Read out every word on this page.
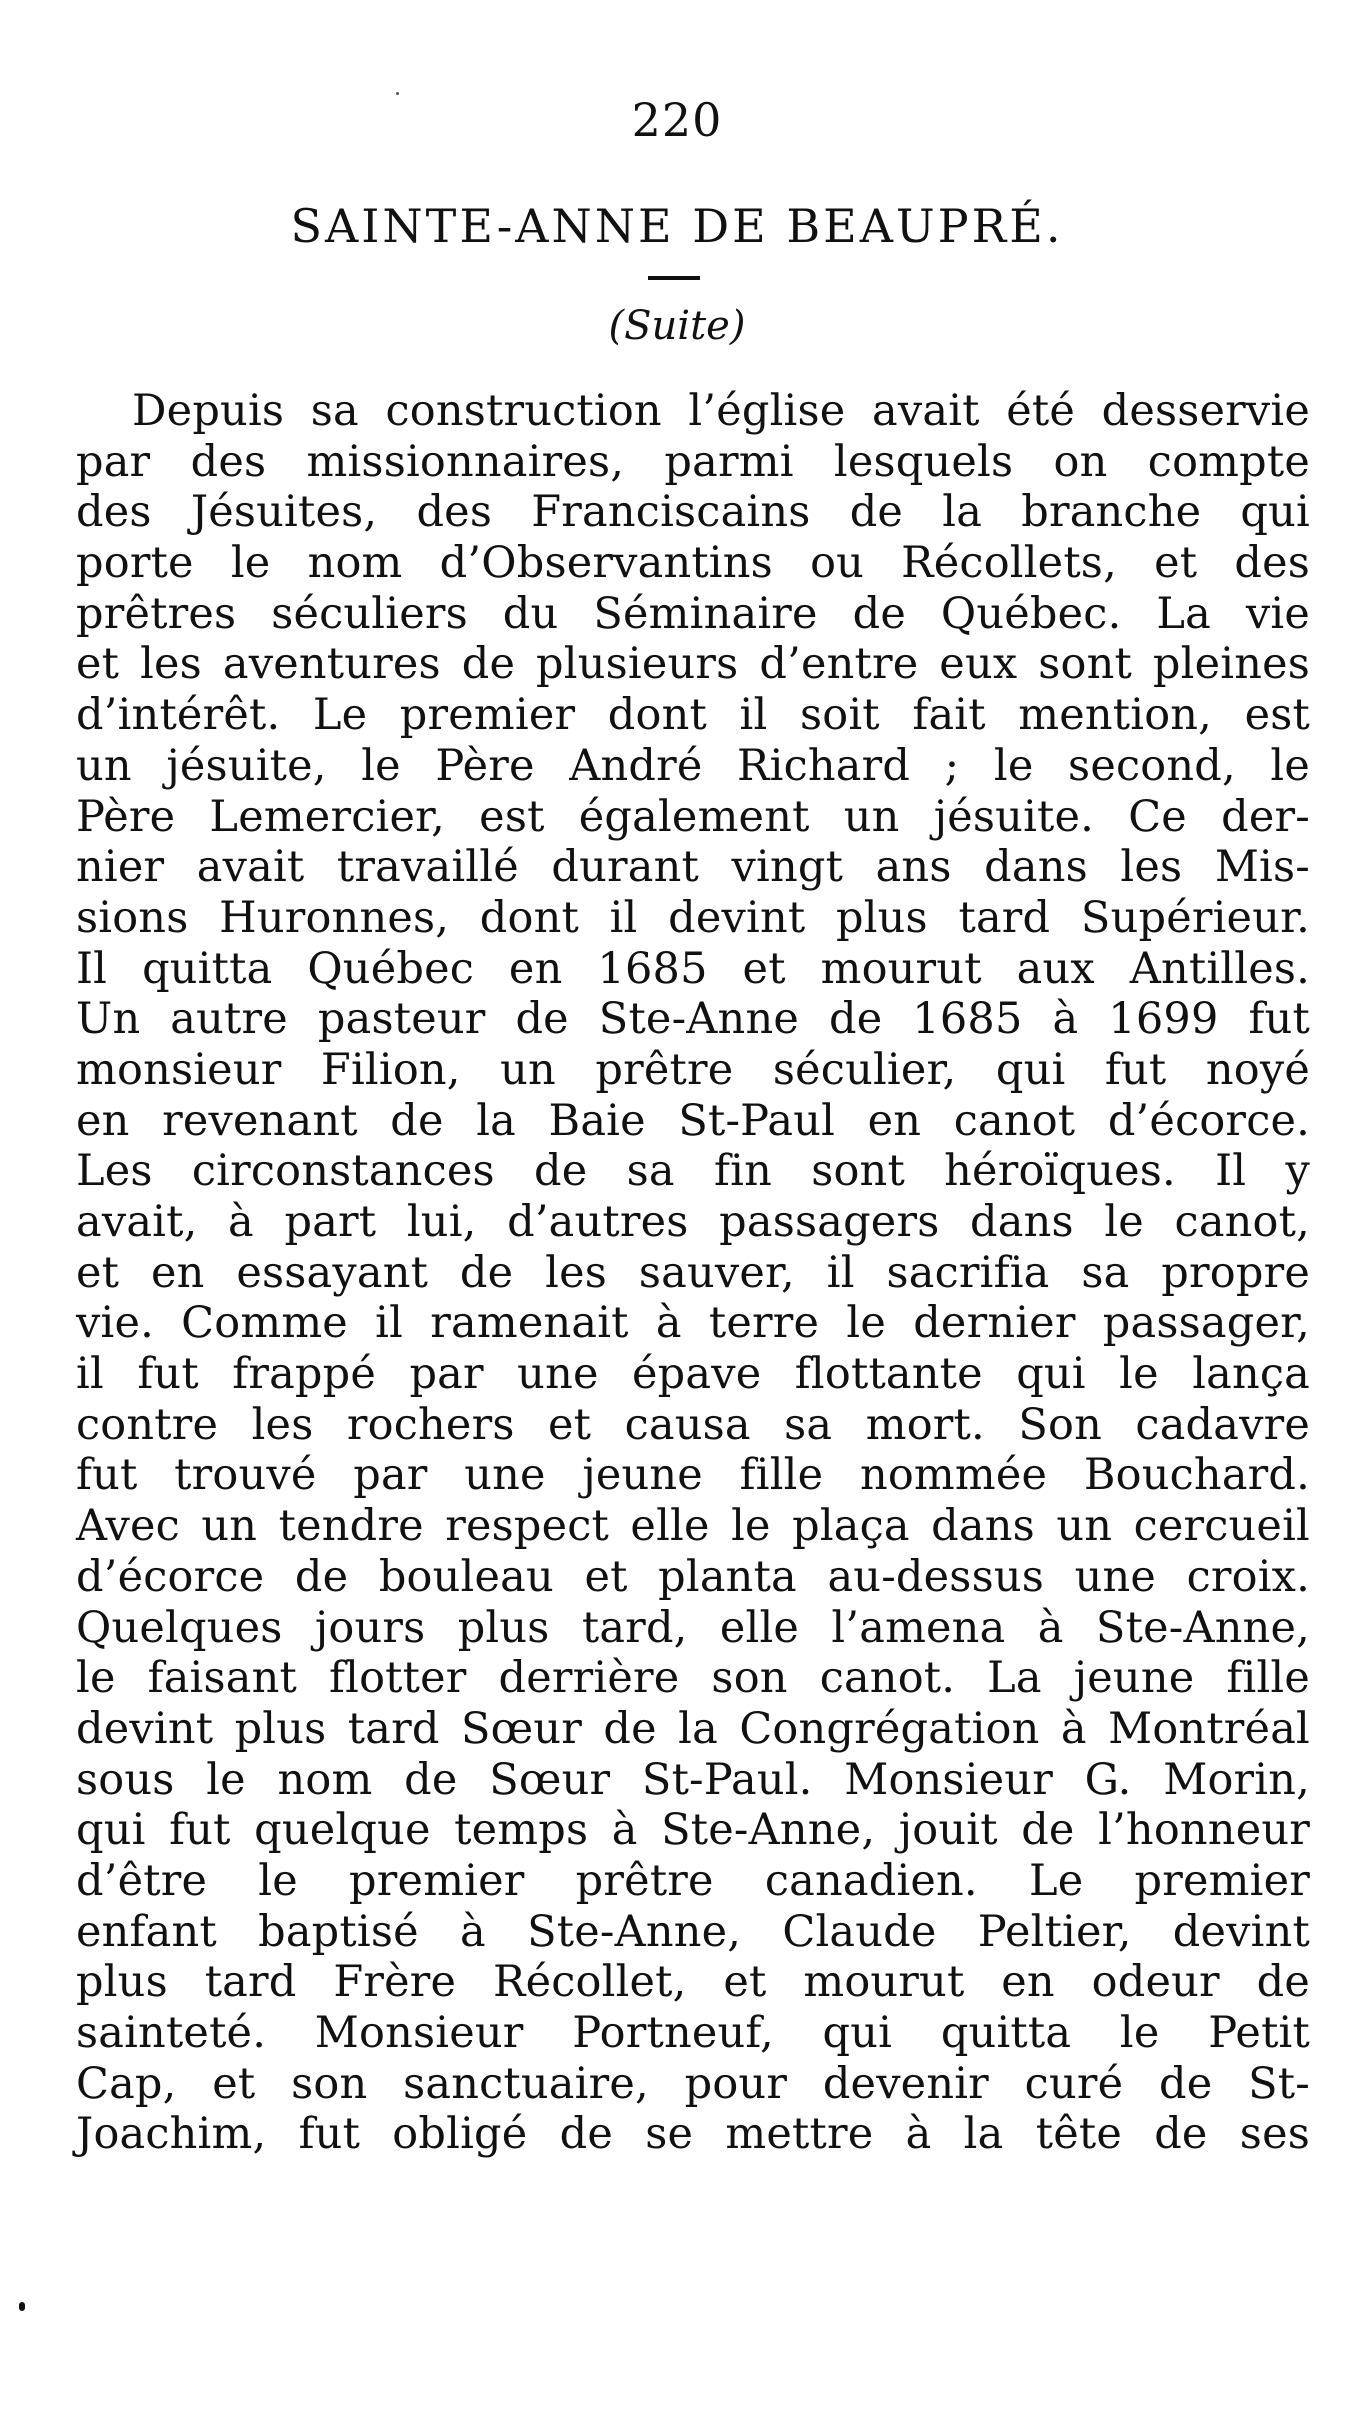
220
SAINTE-ANNE DE BEAUPRÉ.
(Suite)
Depuis sa construction l’église avait été desservie
par des missionnaires, parmi lesquels on compte
des Jésuites, des Franciscains de la branche qui
porte le nom d’Observantins ou Récollets, et des
prêtres séculiers du Séminaire de Québec. La vie
et les aventures de plusieurs d’entre eux sont pleines
d’intérêt. Le premier dont il soit fait mention, est
un jésuite, le Père André Richard ; le second, le
Père Lemercier, est également un jésuite. Ce der-
nier avait travaillé durant vingt ans dans les Mis-
sions Huronnes, dont il devint plus tard Supérieur.
Il quitta Québec en 1685 et mourut aux Antilles.
Un autre pasteur de Ste-Anne de 1685 à 1699 fut
monsieur Filion, un prêtre séculier, qui fut noyé
en revenant de la Baie St-Paul en canot d’écorce.
Les circonstances de sa fin sont héroïques. Il y
avait, à part lui, d’autres passagers dans le canot,
et en essayant de les sauver, il sacrifia sa propre
vie. Comme il ramenait à terre le dernier passager,
il fut frappé par une épave flottante qui le lança
contre les rochers et causa sa mort. Son cadavre
fut trouvé par une jeune fille nommée Bouchard.
Avec un tendre respect elle le plaça dans un cercueil
d’écorce de bouleau et planta au-dessus une croix.
Quelques jours plus tard, elle l’amena à Ste-Anne,
le faisant flotter derrière son canot. La jeune fille
devint plus tard Sœur de la Congrégation à Montréal
sous le nom de Sœur St-Paul. Monsieur G. Morin,
qui fut quelque temps à Ste-Anne, jouit de l’honneur
d’être le premier prêtre canadien. Le premier
enfant baptisé à Ste-Anne, Claude Peltier, devint
plus tard Frère Récollet, et mourut en odeur de
sainteté. Monsieur Portneuf, qui quitta le Petit
Cap, et son sanctuaire, pour devenir curé de St-
Joachim, fut obligé de se mettre à la tête de ses
